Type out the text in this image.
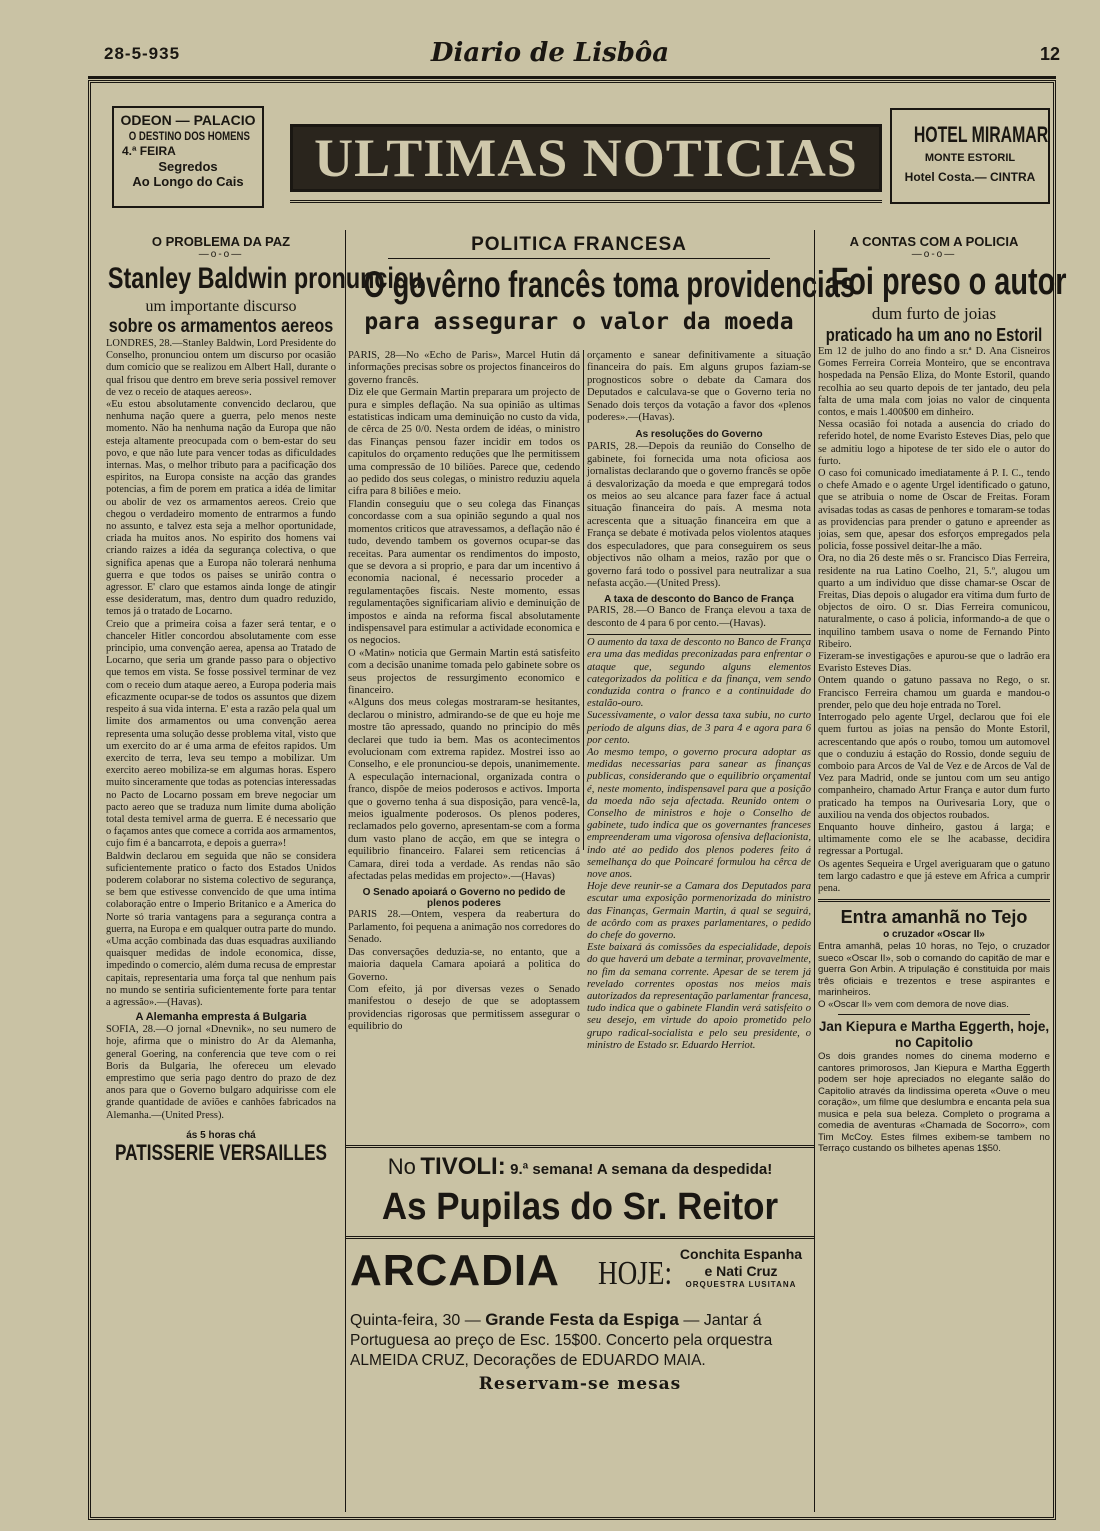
28-5-935	Diario de Lisbôa	12
ODEON — PALACIO
O DESTINO DOS HOMENS
4.ª FEIRA
Segredos
Ao Longo do Cais	ULTIMAS NOTICIAS	HOTEL MIRAMAR
MONTE ESTORIL
Hotel Costa.— CINTRA
O PROBLEMA DA PAZ
—o-o—
Stanley Baldwin pronunciou
um importante discurso
sobre os armamentos aereos
LONDRES, 28.—Stanley Baldwin, Lord Presidente do Conselho, pronunciou ontem um discurso por ocasião dum comicio que se realizou em Albert Hall, durante o qual frisou que dentro em breve seria possivel remover de vez o receio de ataques aereos».
«Eu estou absolutamente convencido declarou, que nenhuma nação quere a guerra, pelo menos neste momento. Não ha nenhuma nação da Europa que não esteja altamente preocupada com o bem-estar do seu povo, e que não lute para vencer todas as dificuldades internas. Mas, o melhor tributo para a pacificação dos espiritos, na Europa consiste na acção das grandes potencias, a fim de porem em pratica a idéa de limitar ou abolir de vez os armamentos aereos. Creio que chegou o verdadeiro momento de entrarmos a fundo no assunto, e talvez esta seja a melhor oportunidade, criada ha muitos anos. No espirito dos homens vai criando raizes a idéa da segurança colectiva, o que significa apenas que a Europa não tolerará nenhuma guerra e que todos os paises se unirão contra o agressor. E' claro que estamos ainda longe de atingir esse desideratum, mas, dentro dum quadro reduzido, temos já o tratado de Locarno.
Creio que a primeira coisa a fazer será tentar, e o chanceler Hitler concordou absolutamente com esse principio, uma convenção aerea, apensa ao Tratado de Locarno, que seria um grande passo para o objectivo que temos em vista. Se fosse possivel terminar de vez com o receio dum ataque aereo, a Europa poderia mais eficazmente ocupar-se de todos os assuntos que dizem respeito á sua vida interna. E' esta a razão pela qual um limite dos armamentos ou uma convenção aerea representa uma solução desse problema vital, visto que um exercito do ar é uma arma de efeitos rapidos. Um exercito de terra, leva seu tempo a mobilizar. Um exercito aereo mobiliza-se em algumas horas. Espero muito sinceramente que todas as potencias interessadas no Pacto de Locarno possam em breve negociar um pacto aereo que se traduza num limite duma abolição total desta temivel arma de guerra. E é necessario que o façamos antes que comece a corrida aos armamentos, cujo fim é a bancarrota, e depois a guerra»!
Baldwin declarou em seguida que não se considera suficientemente pratico o facto dos Estados Unidos poderem colaborar no sistema colectivo de segurança, se bem que estivesse convencido de que uma intima colaboração entre o Imperio Britanico e a America do Norte só traria vantagens para a segurança contra a guerra, na Europa e em qualquer outra parte do mundo.
«Uma acção combinada das duas esquadras auxiliando quaisquer medidas de indole economica, disse, impedindo o comercio, além duma recusa de emprestar capitais, representaria uma força tal que nenhum pais no mundo se sentiria suficientemente forte para tentar a agressão».—(Havas).
A Alemanha empresta á Bulgaria
SOFIA, 28.—O jornal «Dnevnik», no seu numero de hoje, afirma que o ministro do Ar da Alemanha, general Goering, na conferencia que teve com o rei Boris da Bulgaria, lhe ofereceu um elevado emprestimo que seria pago dentro do prazo de dez anos para que o Governo bulgaro adquirisse com ele grande quantidade de aviões e canhões fabricados na Alemanha.—(United Press).
ás 5 horas chá
PATISSERIE VERSAILLES
POLITICA FRANCESA
O govêrno francês toma providencias
para assegurar o valor da moeda
PARIS, 28—No «Echo de Paris», Marcel Hutin dá informações precisas sobre os projectos financeiros do governo francês.
Diz ele que Germain Martin preparara um projecto de pura e simples deflação. Na sua opinião as ultimas estatisticas indicam uma deminuição no custo da vida, de cêrca de 25 0/0. Nesta ordem de idéas, o ministro das Finanças pensou fazer incidir em todos os capitulos do orçamento reduções que lhe permitissem uma compressão de 10 biliões. Parece que, cedendo ao pedido dos seus colegas, o ministro reduziu aquela cifra para 8 biliões e meio.
Flandin conseguiu que o seu colega das Finanças concordasse com a sua opinião segundo a qual nos momentos criticos que atravessamos, a deflação não é tudo, devendo tambem os governos ocupar-se das receitas. Para aumentar os rendimentos do imposto, que se devora a si proprio, e para dar um incentivo á economia nacional, é necessario proceder a regulamentações fiscais. Neste momento, essas regulamentações significariam alivio e deminuição de impostos e ainda na reforma fiscal absolutamente indispensavel para estimular a actividade economica e os negocios.
O «Matin» noticia que Germain Martin está satisfeito com a decisão unanime tomada pelo gabinete sobre os seus projectos de ressurgimento economico e financeiro.
«Alguns dos meus colegas mostraram-se hesitantes, declarou o ministro, admirando-se de que eu hoje me mostre tão apressado, quando no principio do mês declarei que tudo ia bem. Mas os acontecimentos evolucionam com extrema rapidez. Mostrei isso ao Conselho, e ele pronunciou-se depois, unanimemente. A especulação internacional, organizada contra o franco, dispõe de meios poderosos e activos. Importa que o governo tenha á sua disposição, para vencê-la, meios igualmente poderosos. Os plenos poderes, reclamados pelo governo, apresentam-se com a forma dum vasto plano de acção, em que se integra o equilibrio financeiro. Falarei sem reticencias á Camara, direi toda a verdade. As rendas não são afectadas pelas medidas em projecto».—(Havas)
O Senado apoiará o Governo no pedido de plenos poderes
PARIS 28.—Ontem, vespera da reabertura do Parlamento, foi pequena a animação nos corredores do Senado.
Das conversações deduzia-se, no entanto, que a maioria daquela Camara apoiará a politica do Governo.
Com efeito, já por diversas vezes o Senado manifestou o desejo de que se adoptassem providencias rigorosas que permitissem assegurar o equilibrio do
orçamento e sanear definitivamente a situação financeira do país. Em alguns grupos faziam-se prognosticos sobre o debate da Camara dos Deputados e calculava-se que o Governo teria no Senado dois terços da votação a favor dos «plenos poderes».—(Havas).
As resoluções do Governo
PARIS, 28.—Depois da reunião do Conselho de gabinete, foi fornecida uma nota oficiosa aos jornalistas declarando que o governo francês se opõe á desvalorização da moeda e que empregará todos os meios ao seu alcance para fazer face á actual situação financeira do país. A mesma nota acrescenta que a situação financeira em que a França se debate é motivada pelos violentos ataques dos especuladores, que para conseguirem os seus objectivos não olham a meios, razão por que o governo fará todo o possivel para neutralizar a sua nefasta acção.—(United Press).
A taxa de desconto do Banco de França
PARIS, 28.—O Banco de França elevou a taxa de desconto de 4 para 6 por cento.—(Havas).
O aumento da taxa de desconto no Banco de França era uma das medidas preconizadas para enfrentar o ataque que, segundo alguns elementos categorizados da politica e da finança, vem sendo conduzida contra o franco e a continuidade do estalão-ouro.
Sucessivamente, o valor dessa taxa subiu, no curto periodo de alguns dias, de 3 para 4 e agora para 6 por cento.
Ao mesmo tempo, o governo procura adoptar as medidas necessarias para sanear as finanças publicas, considerando que o equilibrio orçamental é, neste momento, indispensavel para que a posição da moeda não seja afectada. Reunido ontem o Conselho de ministros e hoje o Conselho de gabinete, tudo indica que os governantes franceses empreenderam uma vigorosa ofensiva deflacionista, indo até ao pedido dos plenos poderes feito á semelhança do que Poincaré formulou ha cêrca de nove anos.
Hoje deve reunir-se a Camara dos Deputados para escutar uma exposição pormenorizada do ministro das Finanças, Germain Martin, á qual se seguirá, de acôrdo com as praxes parlamentares, o pedido do chefe do governo.
Este baixará ás comissões da especialidade, depois do que haverá um debate a terminar, provavelmente, no fim da semana corrente. Apesar de se terem já revelado correntes opostas nos meios mais autorizados da representação parlamentar francesa, tudo indica que o gabinete Flandin verá satisfeito o seu desejo, em virtude do apoio prometido pelo grupo radical-socialista e pelo seu presidente, o ministro de Estado sr. Eduardo Herriot.
No TIVOLI: 9.ª semana! A semana da despedida!
As Pupilas do Sr. Reitor
ARCADIA HOJE:
Conchita Espanha
e Nati Cruz
ORQUESTRA LUSITANA
Quinta-feira, 30 — Grande Festa da Espiga — Jantar á
Portuguesa ao preço de Esc. 15$00. Concerto pela orquestra
ALMEIDA CRUZ, Decorações de EDUARDO MAIA.
Reservam-se mesas
A CONTAS COM A POLICIA
—o-o—
Foi preso o autor
dum furto de joias
praticado ha um ano no Estoril
Em 12 de julho do ano findo a sr.ª D. Ana Cisneiros Gomes Ferreira Correia Monteiro, que se encontrava hospedada na Pensão Eliza, do Monte Estoril, quando recolhia ao seu quarto depois de ter jantado, deu pela falta de uma mala com joias no valor de cinquenta contos, e mais 1.400$00 em dinheiro.
Nessa ocasião foi notada a ausencia do criado do referido hotel, de nome Evaristo Esteves Dias, pelo que se admitiu logo a hipotese de ter sido ele o autor do furto.
O caso foi comunicado imediatamente á P. I. C., tendo o chefe Amado e o agente Urgel identificado o gatuno, que se atribuia o nome de Oscar de Freitas. Foram avisadas todas as casas de penhores e tomaram-se todas as providencias para prender o gatuno e apreender as joias, sem que, apesar dos esforços empregados pela policia, fosse possivel deitar-lhe a mão.
Ora, no dia 26 deste mês o sr. Francisco Dias Ferreira, residente na rua Latino Coelho, 21, 5.º, alugou um quarto a um individuo que disse chamar-se Oscar de Freitas, Dias depois o alugador era vitima dum furto de objectos de oiro. O sr. Dias Ferreira comunicou, naturalmente, o caso á policia, informando-a de que o inquilino tambem usava o nome de Fernando Pinto Ribeiro.
Fizeram-se investigações e apurou-se que o ladrão era Evaristo Esteves Dias.
Ontem quando o gatuno passava no Rego, o sr. Francisco Ferreira chamou um guarda e mandou-o prender, pelo que deu hoje entrada no Torel.
Interrogado pelo agente Urgel, declarou que foi ele quem furtou as joias na pensão do Monte Estoril, acrescentando que após o roubo, tomou um automovel que o conduziu á estação do Rossio, donde seguiu de comboio para Arcos de Val de Vez e de Arcos de Val de Vez para Madrid, onde se juntou com um seu antigo companheiro, chamado Artur França e autor dum furto praticado ha tempos na Ourivesaria Lory, que o auxiliou na venda dos objectos roubados.
Enquanto houve dinheiro, gastou á larga; e ultimamente como ele se lhe acabasse, decidira regressar a Portugal.
Os agentes Sequeira e Urgel averiguaram que o gatuno tem largo cadastro e que já esteve em Africa a cumprir pena.
Entra amanhã no Tejo
o cruzador «Oscar II»
Entra amanhã, pelas 10 horas, no Tejo, o cruzador sueco «Oscar II», sob o comando do capitão de mar e guerra Gon Arbin. A tripulação é constituida por mais três oficiais e trezentos e trese aspirantes e marinheiros.
O «Oscar II» vem com demora de nove dias.
Jan Kiepura e Martha Eggerth, hoje, no Capitolio
Os dois grandes nomes do cinema moderno e cantores primorosos, Jan Kiepura e Martha Eggerth podem ser hoje apreciados no elegante salão do Capitolio através da lindissima opereta «Ouve o meu coração», um filme que deslumbra e encanta pela sua musica e pela sua beleza. Completo o programa a comedia de aventuras «Chamada de Socorro», com Tim McCoy. Estes filmes exibem-se tambem no Terraço custando os bilhetes apenas 1$50.
